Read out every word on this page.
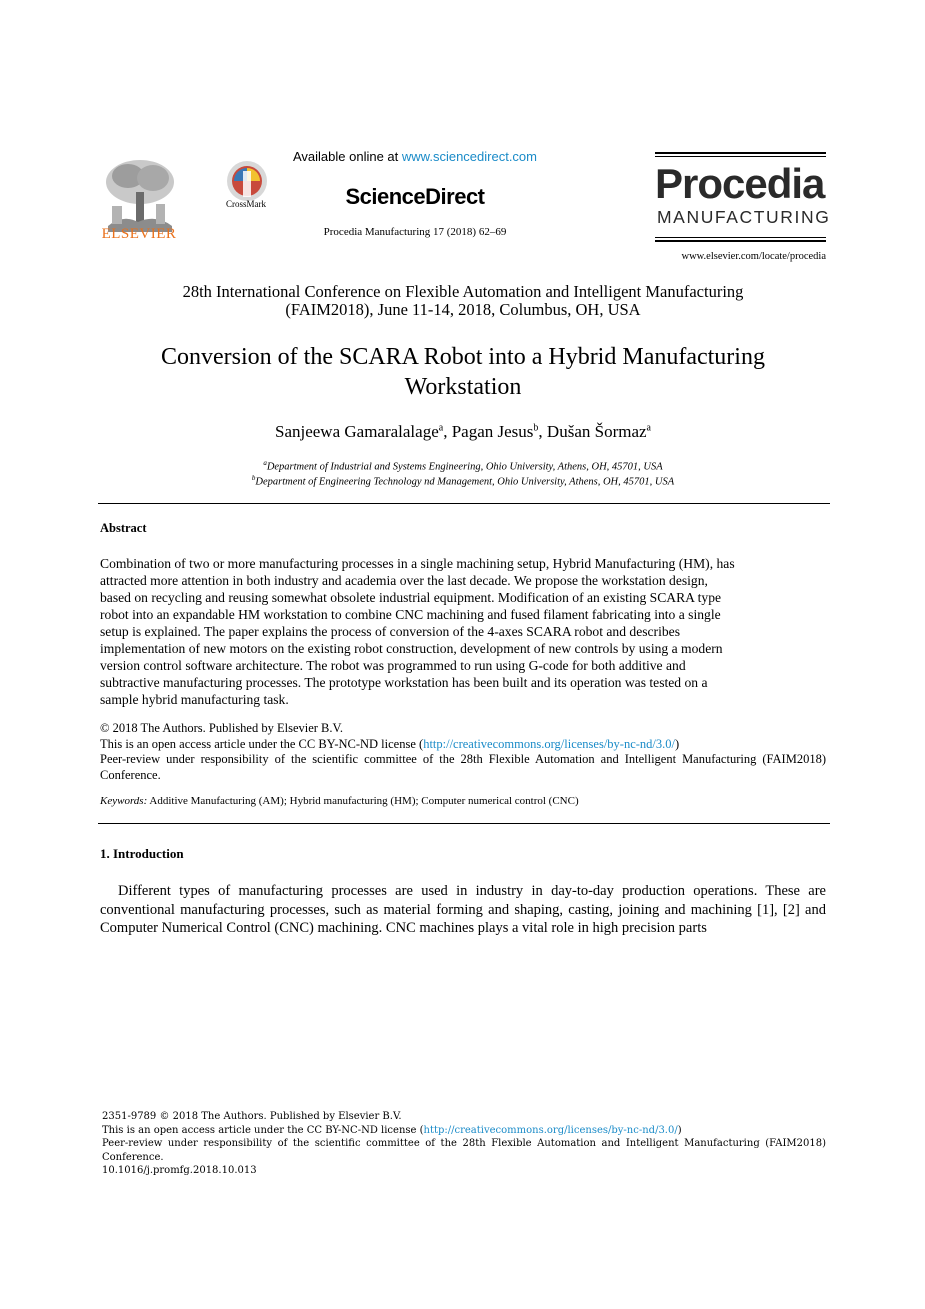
ELSEVIER
CrossMark
Available online at www.sciencedirect.com
ScienceDirect
Procedia Manufacturing 17 (2018) 62–69
Procedia
MANUFACTURING
www.elsevier.com/locate/procedia
28th International Conference on Flexible Automation and Intelligent Manufacturing
(FAIM2018), June 11-14, 2018, Columbus, OH, USA
Conversion of the SCARA Robot into a Hybrid Manufacturing
Workstation
Sanjeewa Gamaralalage$^a$, Pagan Jesus$^b$, Dušan Šormaz$^a$
$^a$Department of Industrial and Systems Engineering, Ohio University, Athens, OH, 45701, USA
$^b$Department of Engineering Technology nd Management, Ohio University, Athens, OH, 45701, USA
Abstract
Combination of two or more manufacturing processes in a single machining setup, Hybrid Manufacturing (HM), has
attracted more attention in both industry and academia over the last decade. We propose the workstation design,
based on recycling and reusing somewhat obsolete industrial equipment. Modification of an existing SCARA type
robot into an expandable HM workstation to combine CNC machining and fused filament fabricating into a single
setup is explained. The paper explains the process of conversion of the 4-axes SCARA robot and describes
implementation of new motors on the existing robot construction, development of new controls by using a modern
version control software architecture. The robot was programmed to run using G-code for both additive and
subtractive manufacturing processes. The prototype workstation has been built and its operation was tested on a
sample hybrid manufacturing task.
© 2018 The Authors. Published by Elsevier B.V.
This is an open access article under the CC BY-NC-ND license (http://creativecommons.org/licenses/by-nc-nd/3.0/)
Peer-review under responsibility of the scientific committee of the 28th Flexible Automation and Intelligent Manufacturing (FAIM2018) Conference.
Keywords: Additive Manufacturing (AM); Hybrid manufacturing (HM); Computer numerical control (CNC)
1. Introduction
Different types of manufacturing processes are used in industry in day-to-day production operations. These are conventional manufacturing processes, such as material forming and shaping, casting, joining and machining [1], [2] and Computer Numerical Control (CNC) machining. CNC machines plays a vital role in high precision parts
2351-9789 © 2018 The Authors. Published by Elsevier B.V.
This is an open access article under the CC BY-NC-ND license (http://creativecommons.org/licenses/by-nc-nd/3.0/)
Peer-review under responsibility of the scientific committee of the 28th Flexible Automation and Intelligent Manufacturing (FAIM2018) Conference.
10.1016/j.promfg.2018.10.013
